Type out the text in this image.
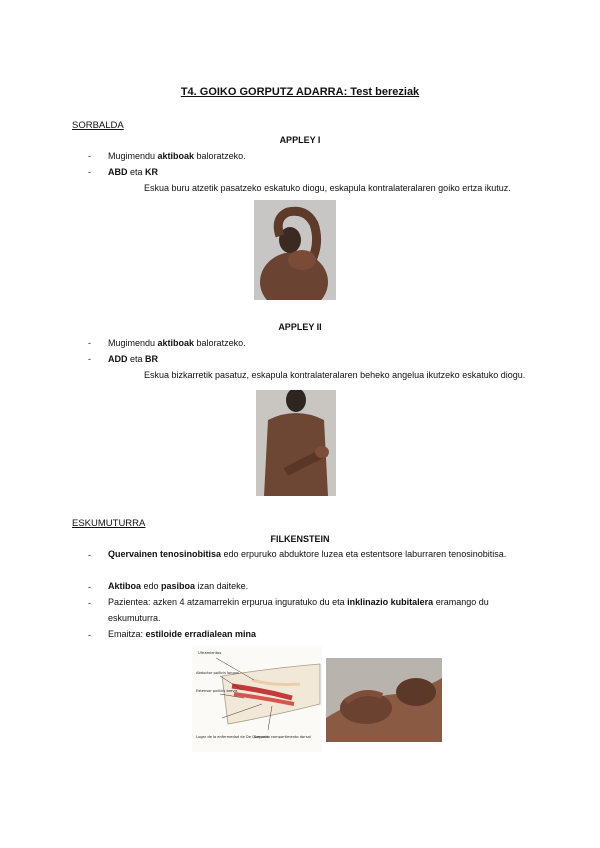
T4. GOIKO GORPUTZ ADARRA: Test bereziak
SORBALDA
APPLEY I
- Mugimendu aktiboak baloratzeko.
- ABD eta KR
Eskua buru atzetik pasatzeko eskatuko diogu, eskapula kontralateralaren goiko ertza ikutuz.
APPLEY II
- Mugimendu aktiboak baloratzeko.
- ADD eta BR
Eskua bizkarretik pasatuz, eskapula kontralateralaren beheko angelua ikutzeko eskatuko diogu.
ESKUMUTURRA
FILKENSTEIN
- Quervainen tenosinobitisa edo erpuruko abduktore luzea eta estentsore laburraren tenosinobitisa.
- Aktiboa edo pasiboa izan daiteke.
- Pazientea: azken 4 atzamarrekin erpurua inguratuko du eta inklinazio kubitalera eramango du eskumuturra.
- Emaitza: estiloide erradialean mina
Ultramientos
Abductor pollicis longus
Extensor pollicis brevis
Lugar de la enfermedad de De Quervain
Segundo compartimento dorsal
